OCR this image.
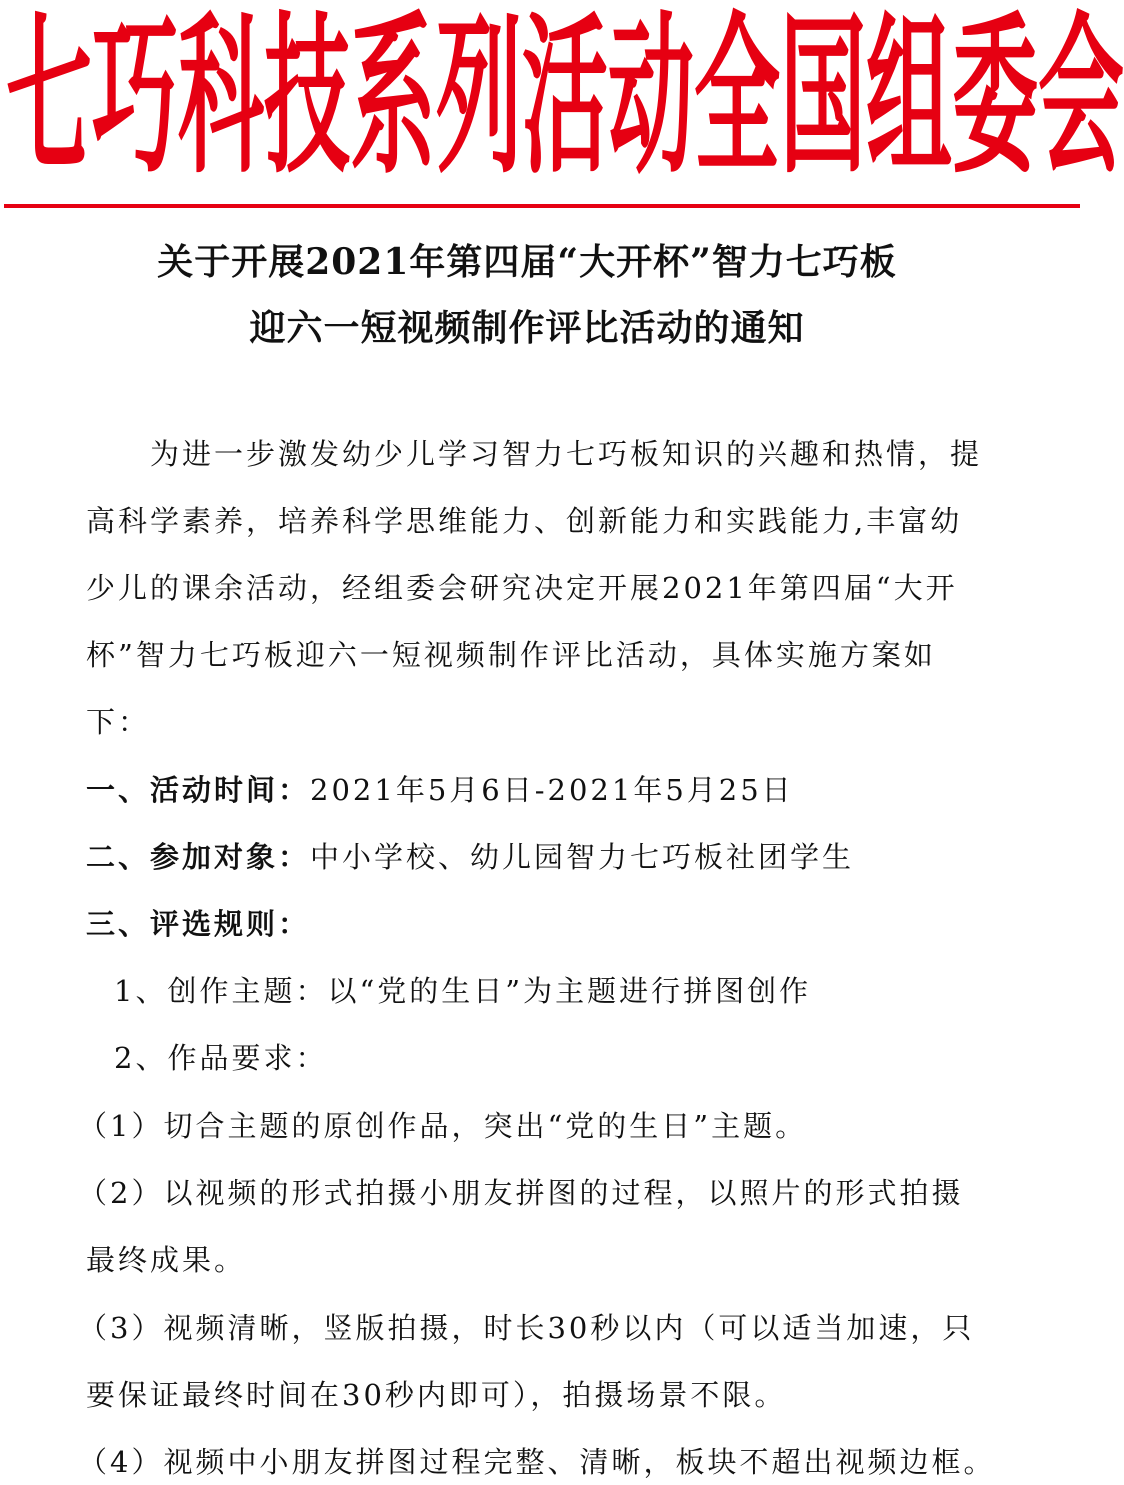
七 巧 科 技 系 列 活 动 全 国 组 委 会
关于开展2021年第四届“大开杯”智力七巧板
迎六一短视频制作评比活动的通知
为进一步激发幼少儿学习智力七巧板知识的兴趣和热情，提
高科学素养，培养科学思维能力、创新能力和实践能力,丰富幼
少儿的课余活动，经组委会研究决定开展2021年第四届“大开
杯”智力七巧板迎六一短视频制作评比活动，具体实施方案如
下：
一、活动时间：2021年5月6日-2021年5月25日
二、参加对象：中小学校、幼儿园智力七巧板社团学生
三、评选规则：
1、创作主题：以“党的生日”为主题进行拼图创作
2、作品要求：
（1）切合主题的原创作品，突出“党的生日”主题。
（2）以视频的形式拍摄小朋友拼图的过程，以照片的形式拍摄
最终成果。
（3）视频清晰，竖版拍摄，时长30秒以内（可以适当加速，只
要保证最终时间在30秒内即可），拍摄场景不限。
（4）视频中小朋友拼图过程完整、清晰，板块不超出视频边框。
